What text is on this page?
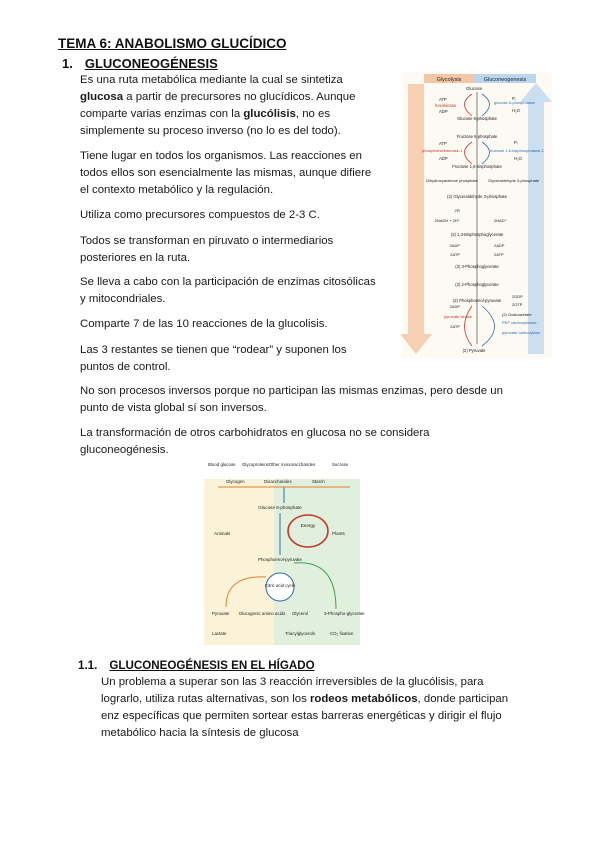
TEMA 6: ANABOLISMO GLUCÍDICO
1. GLUCONEOGÉNESIS
Es una ruta metabólica mediante la cual se sintetiza
glucosa a partir de precursores no glucídicos. Aunque
comparte varias enzimas con la glucólisis, no es
simplemente su proceso inverso (no lo es del todo).
Tiene lugar en todos los organismos. Las reacciones en
todos ellos son esencialmente las mismas, aunque difiere
el contexto metabólico y la regulación.
Utiliza como precursores compuestos de 2-3 C.
Todos se transforman en piruvato o intermediarios
posteriores en la ruta.
Se lleva a cabo con la participación de enzimas citosólicas
y mitocondriales.
Comparte 7 de las 10 reacciones de la glucolisis.
Las 3 restantes se tienen que “rodear” y suponen los
puntos de control.
No son procesos inversos porque no participan las mismas enzimas, pero desde un
punto de vista global sí son inversos.
La transformación de otros carbohidratos en glucosa no se considera
gluconeogénesis.
Glycolysis	Gluconeogenesis
Glucose
ATP
ADP
hexokinase
glucose 6-phosphatase
Pᵢ
H₂O
Glucose 6-phosphate
Fructose 6-phosphate
ATP
phosphofructokinase-1
ADP
fructose 1,6-bisphosphatase-1
Pᵢ
H₂O
Fructose 1,6-bisphosphate
Dihydroxyacetone phosphate	Glyceraldehyde 3-phosphate
(2) Glyceraldehyde 3-phosphate
2Pᵢ
2NADH + 2H⁺	2NAD⁺
(2) 1,3-Bisphosphoglycerate
2ADP	2ADP
2ATP	2ATP
(2) 3-Phosphoglycerate
(2) 2-Phosphoglycerate
(2) Phosphoenol-pyruvate
2GDP
2GTP
2ADP
pyruvate kinase
2ATP
(2) Oxaloacetate
PEP carboxykinase
pyruvate carboxylase
(2) Pyruvate
Blood glucose Glycoproteins Other monosaccharides	Sucrose
Glycogen	Disaccharides	Starch
Glucose 6-phosphate
Energy
Animals	Plants
Phosphoenol-pyruvate
Citric acid cycle
Pyruvate
Lactate
Glucogenic amino acids Glycerol
Triacylglycerols
3-Phospho-glycerate
CO₂ fixation
1.1. GLUCONEOGÉNESIS EN EL HÍGADO
Un problema a superar son las 3 reacción irreversibles de la glucólisis, para
lograrlo, utiliza rutas alternativas, son los rodeos metabólicos, donde participan
enz específicas que permiten sortear estas barreras energéticas y dirigir el flujo
metabólico hacia la síntesis de glucosa
